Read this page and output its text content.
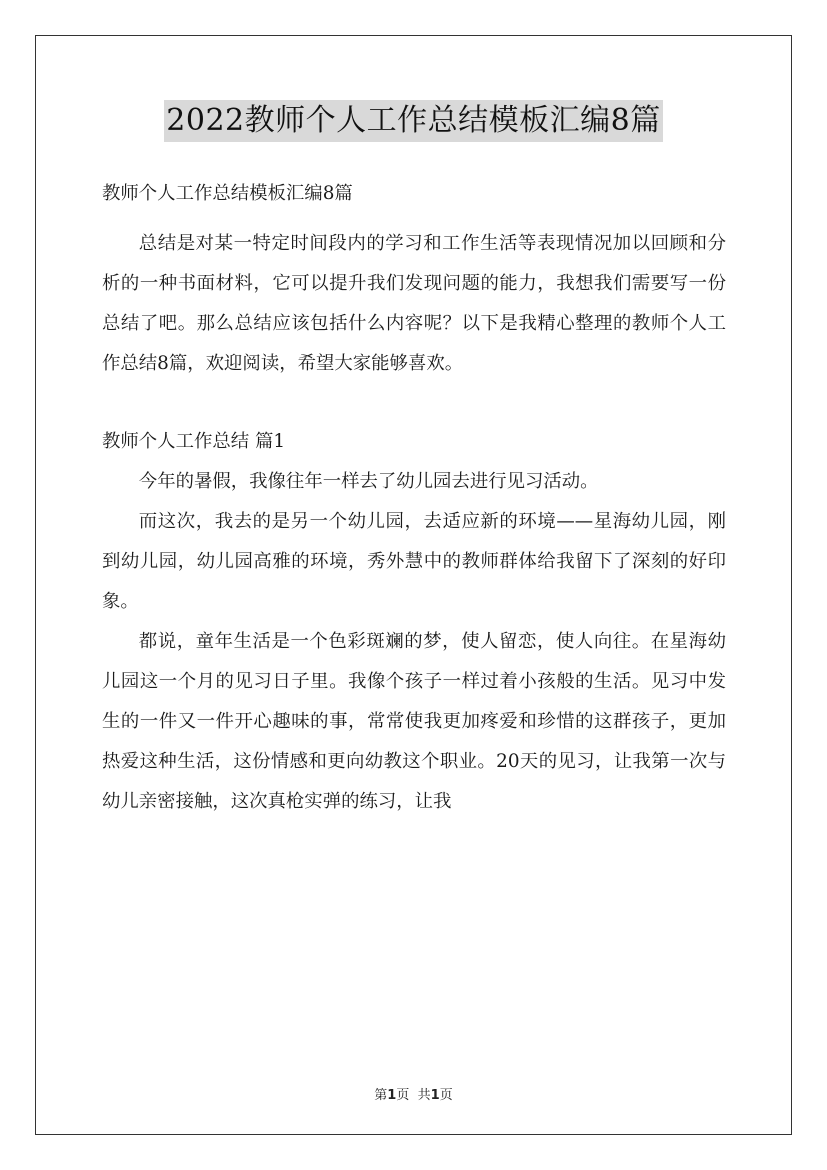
2022教师个人工作总结模板汇编8篇

教师个人工作总结模板汇编8篇

总结是对某一特定时间段内的学习和工作生活等表现情况加以回顾和分析的一种书面材料，它可以提升我们发现问题的能力，我想我们需要写一份总结了吧。那么总结应该包括什么内容呢？以下是我精心整理的教师个人工作总结8篇，欢迎阅读，希望大家能够喜欢。

教师个人工作总结 篇1

今年的暑假，我像往年一样去了幼儿园去进行见习活动。

而这次，我去的是另一个幼儿园，去适应新的环境——星海幼儿园，刚到幼儿园，幼儿园高雅的环境，秀外慧中的教师群体给我留下了深刻的好印象。

都说，童年生活是一个色彩斑斓的梦，使人留恋，使人向往。在星海幼儿园这一个月的见习日子里。我像个孩子一样过着小孩般的生活。见习中发生的一件又一件开心趣味的事，常常使我更加疼爱和珍惜的这群孩子，更加热爱这种生活，这份情感和更向幼教这个职业。20天的见习，让我第一次与幼儿亲密接触，这次真枪实弹的练习，让我

第1页 共1页
